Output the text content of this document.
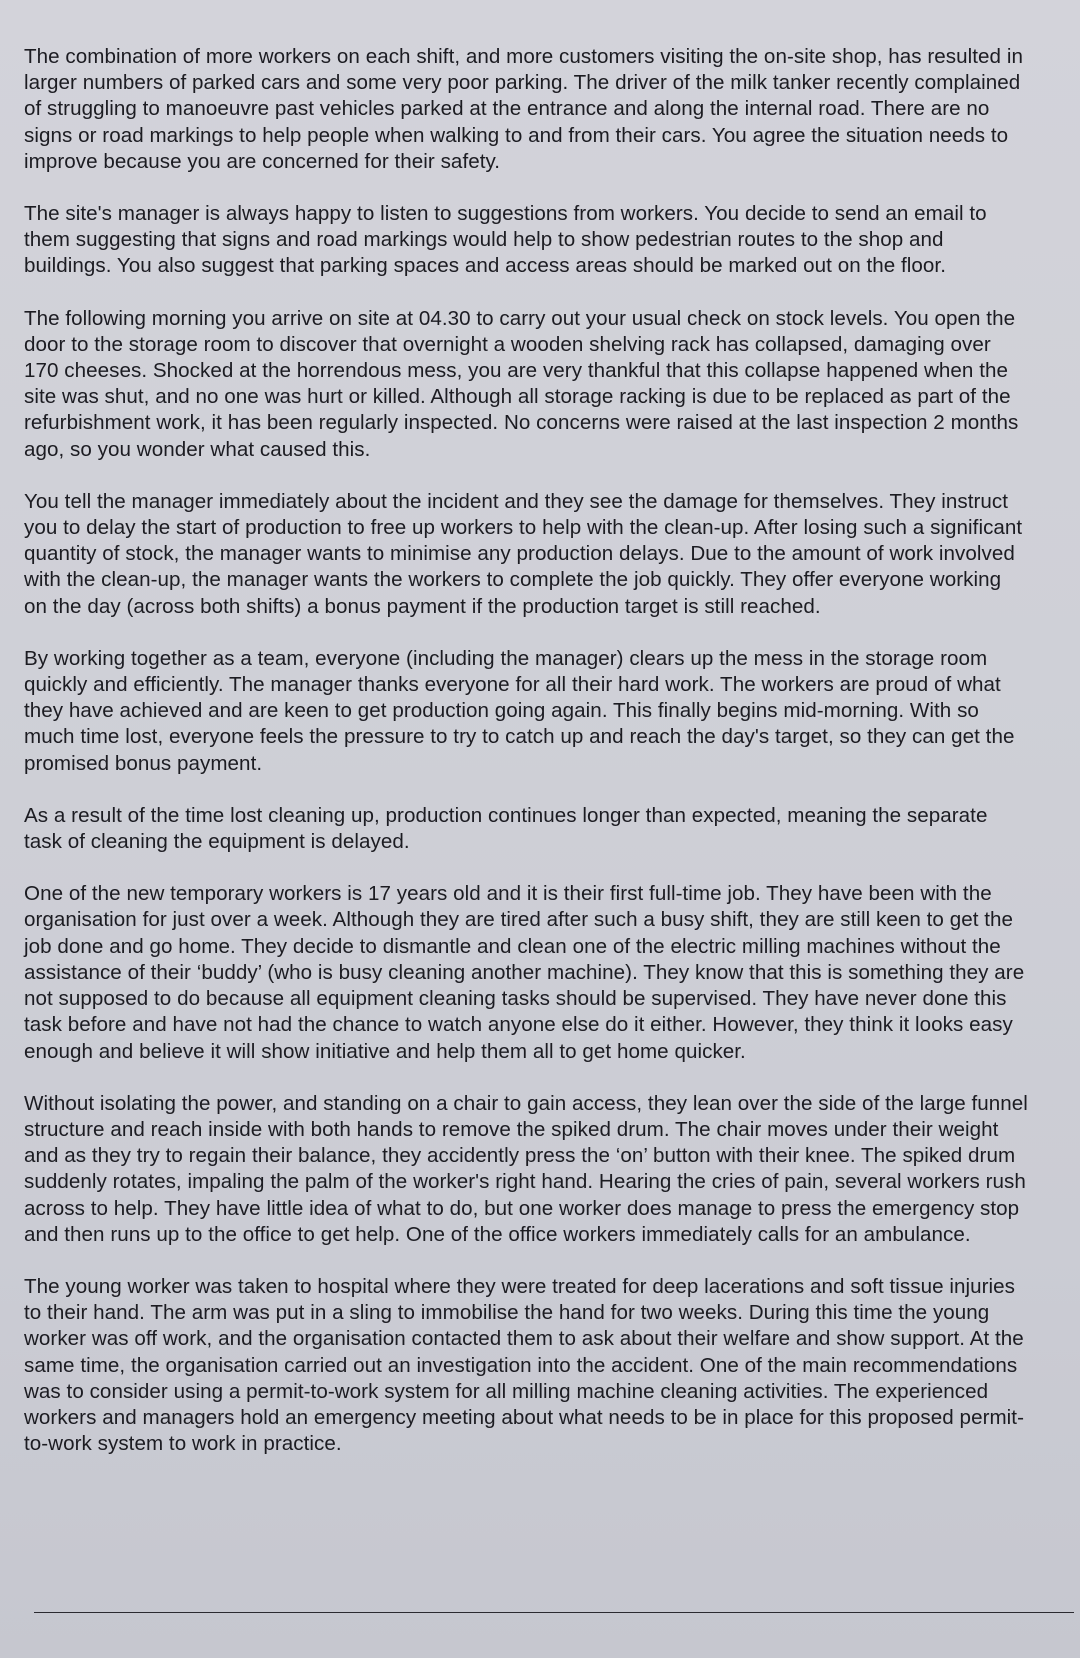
The combination of more workers on each shift, and more customers visiting the on-site shop, has resulted in larger numbers of parked cars and some very poor parking. The driver of the milk tanker recently complained of struggling to manoeuvre past vehicles parked at the entrance and along the internal road. There are no signs or road markings to help people when walking to and from their cars. You agree the situation needs to improve because you are concerned for their safety.

The site's manager is always happy to listen to suggestions from workers. You decide to send an email to them suggesting that signs and road markings would help to show pedestrian routes to the shop and buildings. You also suggest that parking spaces and access areas should be marked out on the floor.

The following morning you arrive on site at 04.30 to carry out your usual check on stock levels. You open the door to the storage room to discover that overnight a wooden shelving rack has collapsed, damaging over 170 cheeses. Shocked at the horrendous mess, you are very thankful that this collapse happened when the site was shut, and no one was hurt or killed. Although all storage racking is due to be replaced as part of the refurbishment work, it has been regularly inspected. No concerns were raised at the last inspection 2 months ago, so you wonder what caused this.

You tell the manager immediately about the incident and they see the damage for themselves. They instruct you to delay the start of production to free up workers to help with the clean-up. After losing such a significant quantity of stock, the manager wants to minimise any production delays. Due to the amount of work involved with the clean-up, the manager wants the workers to complete the job quickly. They offer everyone working on the day (across both shifts) a bonus payment if the production target is still reached.

By working together as a team, everyone (including the manager) clears up the mess in the storage room quickly and efficiently. The manager thanks everyone for all their hard work. The workers are proud of what they have achieved and are keen to get production going again. This finally begins mid-morning. With so much time lost, everyone feels the pressure to try to catch up and reach the day's target, so they can get the promised bonus payment.

As a result of the time lost cleaning up, production continues longer than expected, meaning the separate task of cleaning the equipment is delayed.

One of the new temporary workers is 17 years old and it is their first full-time job. They have been with the organisation for just over a week. Although they are tired after such a busy shift, they are still keen to get the job done and go home. They decide to dismantle and clean one of the electric milling machines without the assistance of their ‘buddy’ (who is busy cleaning another machine). They know that this is something they are not supposed to do because all equipment cleaning tasks should be supervised. They have never done this task before and have not had the chance to watch anyone else do it either. However, they think it looks easy enough and believe it will show initiative and help them all to get home quicker.

Without isolating the power, and standing on a chair to gain access, they lean over the side of the large funnel structure and reach inside with both hands to remove the spiked drum. The chair moves under their weight and as they try to regain their balance, they accidently press the ‘on’ button with their knee. The spiked drum suddenly rotates, impaling the palm of the worker's right hand. Hearing the cries of pain, several workers rush across to help. They have little idea of what to do, but one worker does manage to press the emergency stop and then runs up to the office to get help. One of the office workers immediately calls for an ambulance.

The young worker was taken to hospital where they were treated for deep lacerations and soft tissue injuries to their hand. The arm was put in a sling to immobilise the hand for two weeks. During this time the young worker was off work, and the organisation contacted them to ask about their welfare and show support. At the same time, the organisation carried out an investigation into the accident. One of the main recommendations was to consider using a permit-to-work system for all milling machine cleaning activities. The experienced workers and managers hold an emergency meeting about what needs to be in place for this proposed permit-to-work system to work in practice.
